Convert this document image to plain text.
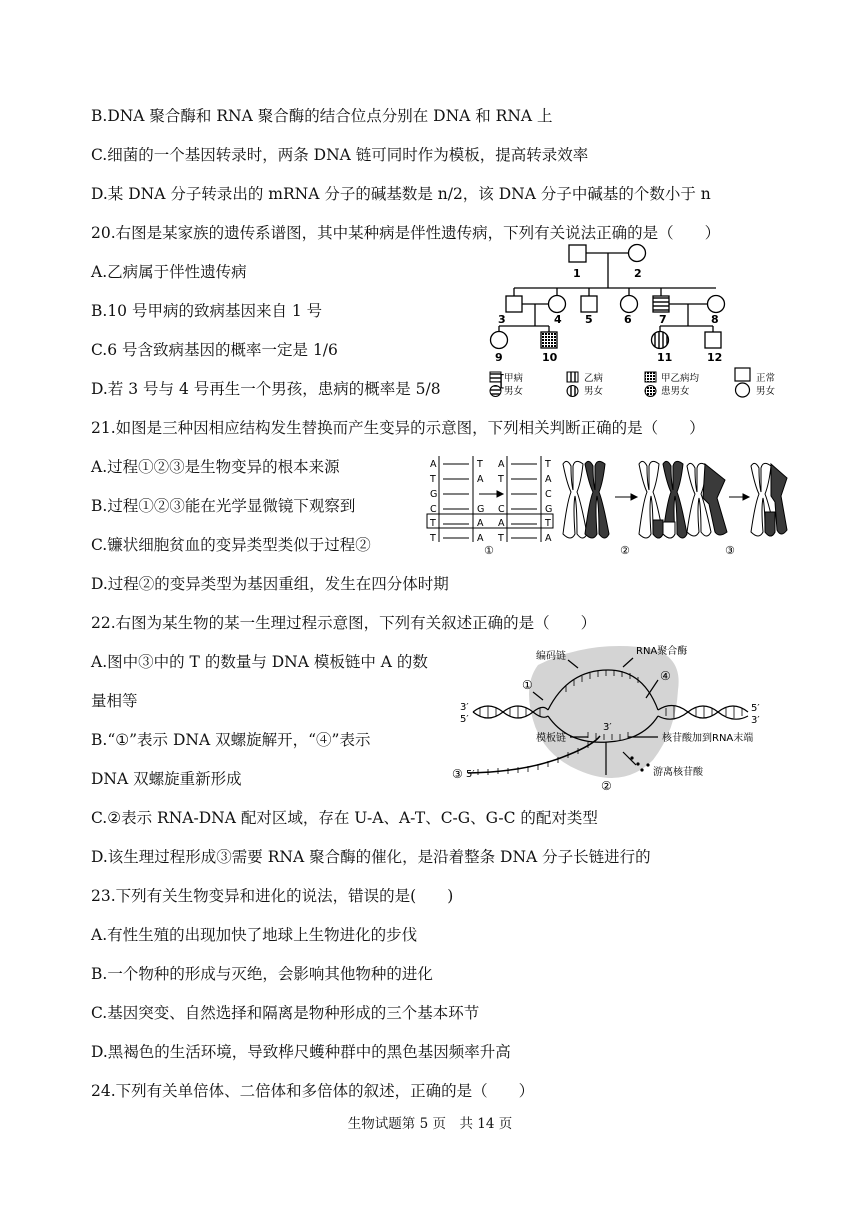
B.DNA 聚合酶和 RNA 聚合酶的结合位点分别在 DNA 和 RNA 上
C.细菌的一个基因转录时，两条 DNA 链可同时作为模板，提高转录效率
D.某 DNA 分子转录出的 mRNA 分子的碱基数是 n/2，该 DNA 分子中碱基的个数小于 n
20.右图是某家族的遗传系谱图，其中某种病是伴性遗传病，下列有关说法正确的是（　　）
A.乙病属于伴性遗传病
B.10 号甲病的致病基因来自 1 号
C.6 号含致病基因的概率一定是 1/6
D.若 3 号与 4 号再生一个男孩，患病的概率是 5/8
21.如图是三种因相应结构发生替换而产生变异的示意图，下列相关判断正确的是（　　）
A.过程①②③是生物变异的根本来源
B.过程①②③能在光学显微镜下观察到
C.镰状细胞贫血的变异类型类似于过程②
D.过程②的变异类型为基因重组，发生在四分体时期
22.右图为某生物的某一生理过程示意图，下列有关叙述正确的是（　　）
A.图中③中的 T 的数量与 DNA 模板链中 A 的数
量相等
B.“①”表示 DNA 双螺旋解开，“④”表示
DNA 双螺旋重新形成
C.②表示 RNA-DNA 配对区域，存在 U-A、A-T、C-G、G-C 的配对类型
D.该生理过程形成③需要 RNA 聚合酶的催化，是沿着整条 DNA 分子长链进行的
23.下列有关生物变异和进化的说法，错误的是(　　)
A.有性生殖的出现加快了地球上生物进化的步伐
B.一个物种的形成与灭绝，会影响其他物种的进化
C.基因突变、自然选择和隔离是物种形成的三个基本环节
D.黑褐色的生活环境，导致桦尺蠖种群中的黑色基因频率升高
24.下列有关单倍体、二倍体和多倍体的叙述，正确的是（　　）
1	2
3	4 5	6 7	8
9	10	11	12
甲病
男女
[	乙病
男女
甲乙病均
患男女
正常
男女
A
T
G
C
T
T
T
A
G
A
A
A
T
C
A
T
T
A
C
G
T
A
①	②	③
编码链	RNA聚合酶
模板链	核苷酸加到RNA末端
游离核苷酸
①
④
②
③
3′
5′
5′
3′
3′
5′
生物试题第 5 页　共 14 页
